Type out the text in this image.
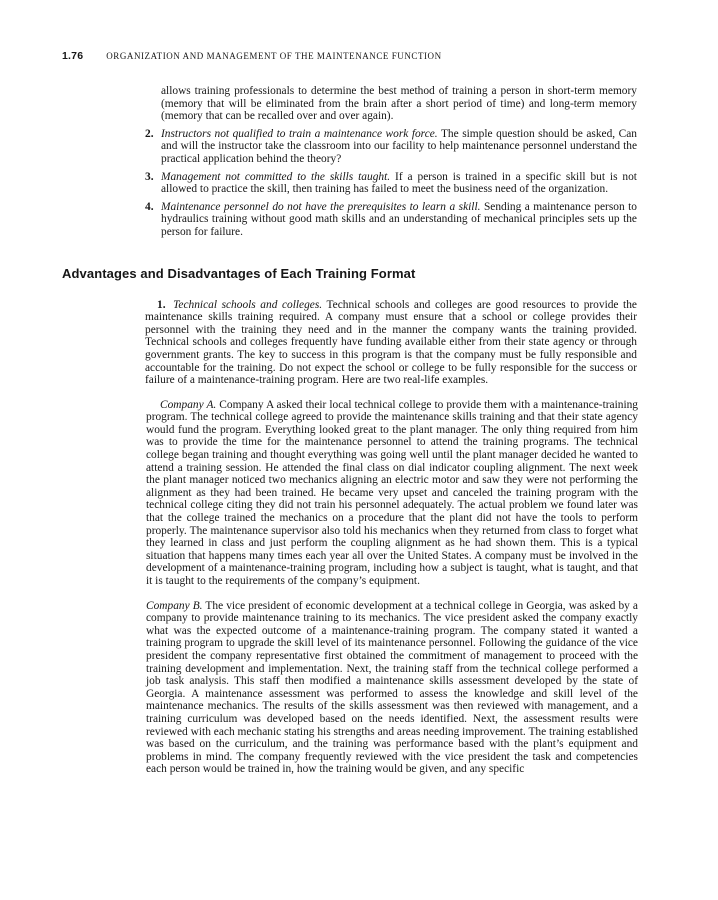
1.76	ORGANIZATION AND MANAGEMENT OF THE MAINTENANCE FUNCTION

allows training professionals to determine the best method of training a person in short-term memory (memory that will be eliminated from the brain after a short period of time) and long-term memory (memory that can be recalled over and over again).

2. Instructors not qualified to train a maintenance work force. The simple question should be asked, Can and will the instructor take the classroom into our facility to help maintenance personnel understand the practical application behind the theory?
3. Management not committed to the skills taught. If a person is trained in a specific skill but is not allowed to practice the skill, then training has failed to meet the business need of the organization.
4. Maintenance personnel do not have the prerequisites to learn a skill. Sending a maintenance person to hydraulics training without good math skills and an understanding of mechanical principles sets up the person for failure.
Advantages and Disadvantages of Each Training Format

1. Technical schools and colleges. Technical schools and colleges are good resources to provide the maintenance skills training required. A company must ensure that a school or college provides their personnel with the training they need and in the manner the company wants the training provided. Technical schools and colleges frequently have funding available either from their state agency or through government grants. The key to success in this program is that the company must be fully responsible and accountable for the training. Do not expect the school or college to be fully responsible for the success or failure of a maintenance-training program. Here are two real-life examples.

Company A. Company A asked their local technical college to provide them with a maintenance-training program. The technical college agreed to provide the maintenance skills training and that their state agency would fund the program. Everything looked great to the plant manager. The only thing required from him was to provide the time for the maintenance personnel to attend the training programs. The technical college began training and thought everything was going well until the plant manager decided he wanted to attend a training session. He attended the final class on dial indicator coupling alignment. The next week the plant manager noticed two mechanics aligning an electric motor and saw they were not performing the alignment as they had been trained. He became very upset and canceled the training program with the technical college citing they did not train his personnel adequately. The actual problem we found later was that the college trained the mechanics on a procedure that the plant did not have the tools to perform properly. The maintenance supervisor also told his mechanics when they returned from class to forget what they learned in class and just perform the coupling alignment as he had shown them. This is a typical situation that happens many times each year all over the United States. A company must be involved in the development of a maintenance-training program, including how a subject is taught, what is taught, and that it is taught to the requirements of the company’s equipment.

Company B. The vice president of economic development at a technical college in Georgia, was asked by a company to provide maintenance training to its mechanics. The vice president asked the company exactly what was the expected outcome of a maintenance-training program. The company stated it wanted a training program to upgrade the skill level of its maintenance personnel. Following the guidance of the vice president the company representative first obtained the commitment of management to proceed with the training development and implementation. Next, the training staff from the technical college performed a job task analysis. This staff then modified a maintenance skills assessment developed by the state of Georgia. A maintenance assessment was performed to assess the knowledge and skill level of the maintenance mechanics. The results of the skills assessment was then reviewed with management, and a training curriculum was developed based on the needs identified. Next, the assessment results were reviewed with each mechanic stating his strengths and areas needing improvement. The training established was based on the curriculum, and the training was performance based with the plant’s equipment and problems in mind. The company frequently reviewed with the vice president the task and competencies each person would be trained in, how the training would be given, and any specific
